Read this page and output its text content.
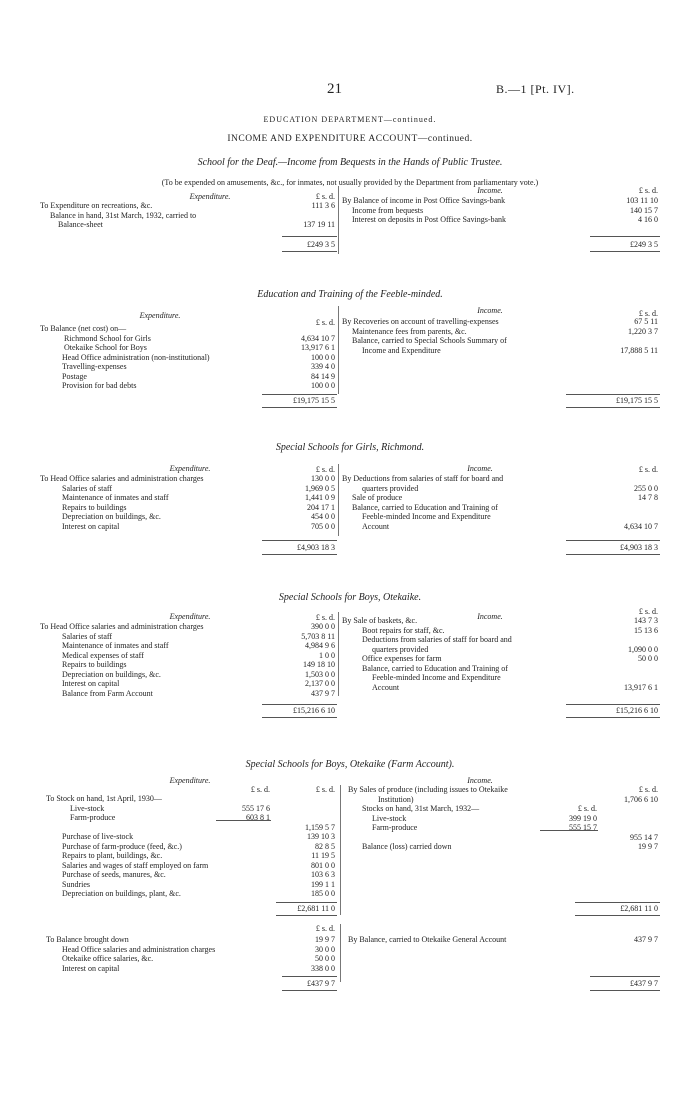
21	B.—1 [Pt. IV].
EDUCATION DEPARTMENT—continued.
INCOME AND EXPENDITURE ACCOUNT—continued.
School for the Deaf.—Income from Bequests in the Hands of Public Trustee.
(To be expended on amusements, &c., for inmates, not usually provided by the Department from parliamentary vote.)
Expenditure.
Income.
£ s. d.
£ s. d.
To Expenditure on recreations, &c.	111 3 6
Balance in hand, 31st March, 1932, carried to
Balance-sheet	137 19 11
By Balance of income in Post Office Savings-bank	103 11 10
Income from bequests	140 15 7
Interest on deposits in Post Office Savings-bank	4 16 0
£249 3 5	£249 3 5
Education and Training of the Feeble-minded.
Expenditure.
Income.
£ s. d.
£ s. d.
To Balance (net cost) on—
Richmond School for Girls	4,634 10 7
Otekaike School for Boys	13,917 6 1
Head Office administration (non-institutional)	100 0 0
Travelling-expenses	339 4 0
Postage	84 14 9
Provision for bad debts	100 0 0
By Recoveries on account of travelling-expenses	67 5 11
Maintenance fees from parents, &c.	1,220 3 7
Balance, carried to Special Schools Summary of
Income and Expenditure	17,888 5 11
£19,175 15 5	£19,175 15 5
Special Schools for Girls, Richmond.
Expenditure.	Income.
£ s. d.	£ s. d.
To Head Office salaries and administration charges	130 0 0
Salaries of staff	1,969 0 5
Maintenance of inmates and staff	1,441 0 9
Repairs to buildings	204 17 1
Depreciation on buildings, &c.	454 0 0
Interest on capital	705 0 0
By Deductions from salaries of staff for board and
quarters provided	255 0 0
Sale of produce	14 7 8
Balance, carried to Education and Training of
Feeble-minded Income and Expenditure
Account	4,634 10 7
£4,903 18 3	£4,903 18 3
Special Schools for Boys, Otekaike.
Expenditure.	Income.
£ s. d.
£ s. d.
To Head Office salaries and administration charges	390 0 0
Salaries of staff	5,703 8 11
Maintenance of inmates and staff	4,984 9 6
Medical expenses of staff	1 0 0
Repairs to buildings	149 18 10
Depreciation on buildings, &c.	1,503 0 0
Interest on capital	2,137 0 0
Balance from Farm Account	437 9 7
By Sale of baskets, &c.	143 7 3
Boot repairs for staff, &c.	15 13 6
Deductions from salaries of staff for board and
quarters provided	1,090 0 0
Office expenses for farm	50 0 0
Balance, carried to Education and Training of
Feeble-minded Income and Expenditure
Account	13,917 6 1
£15,216 6 10	£15,216 6 10
Special Schools for Boys, Otekaike (Farm Account).
Expenditure.	Income.
£ s. d.	£ s. d.	£ s. d.
To Stock on hand, 1st April, 1930—
Live-stock	555 17 6
Farm-produce	603 8 1
1,159 5 7
Purchase of live-stock	139 10 3
Purchase of farm-produce (feed, &c.)	82 8 5
Repairs to plant, buildings, &c.	11 19 5
Salaries and wages of staff employed on farm	801 0 0
Purchase of seeds, manures, &c.	103 6 3
Sundries	199 1 1
Depreciation on buildings, plant, &c.	185 0 0
By Sales of produce (including issues to Otekaike
Institution)	1,706 6 10
Stocks on hand, 31st March, 1932—	£ s. d.
Live-stock	399 19 0
Farm-produce	555 15 7
955 14 7
Balance (loss) carried down	19 9 7
£2,681 11 0	£2,681 11 0
£ s. d.
To Balance brought down	19 9 7
Head Office salaries and administration charges	30 0 0
Otekaike office salaries, &c.	50 0 0
Interest on capital	338 0 0
By Balance, carried to Otekaike General Account	437 9 7
£437 9 7	£437 9 7
